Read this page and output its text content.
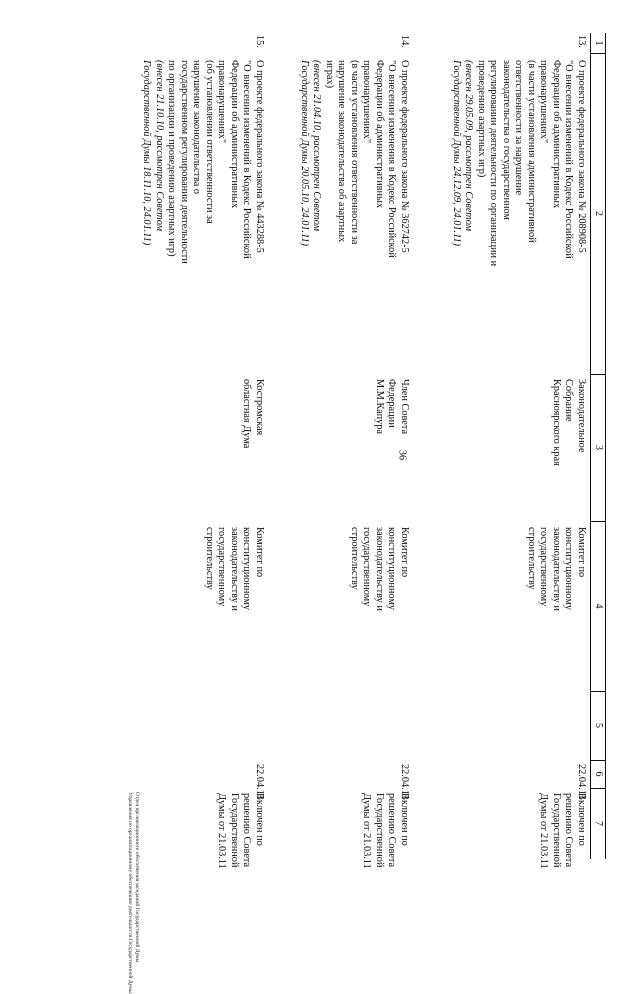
36
1
2
3
4
5
6
7
13.
О проекте федерального закона № 208908-5
"О внесении изменений в Кодекс Российской
Федерации об административных
правонарушениях"
(в части установления административной
ответственности за нарушение
законодательства о государственном
регулировании деятельности по организации и
проведению азартных игр)
(внесен 29.05.09, рассмотрен Советом
Государственной Думы 24.12.09, 24.01.11)
Законодательное
Собрание
Красноярского края
Комитет по
конституционному
законодательству и
государственному
строительству
22.04.11
Включен по
решению Совета
Государственной
Думы от 21.03.11
14.
О проекте федерального закона № 362742-5
"О внесении изменения в Кодекс Российской
Федерации об административных
правонарушениях"
(в части установления ответственности за
нарушение законодательства об азартных
играх)
(внесен 21.04.10, рассмотрен Советом
Государственной Думы 20.05.10, 24.01.11)
Член Совета
Федерации
М.М.Капура
Комитет по
конституционному
законодательству и
государственному
строительству
22.04.11
Включен по
решению Совета
Государственной
Думы от 21.03.11
15.
О проекте федерального закона № 443288-5
"О внесении изменений в Кодекс Российской
Федерации об административных
правонарушениях"
(об установлении ответственности за
нарушение законодательства о
государственном регулировании деятельности
по организации и проведению азартных игр)
(внесен 21.10.10, рассмотрен Советом
Государственной Думы 18.11.10, 24.01.11)
Костромская
областная Дума
Комитет по
конституционному
законодательству и
государственному
строительству
22.04.11
Включен по
решению Совета
Государственной
Думы от 21.03.11
Отдел организационного обеспечения заседаний Государственной Думы
Управления по организационному обеспечению деятельности Государственной Думы
